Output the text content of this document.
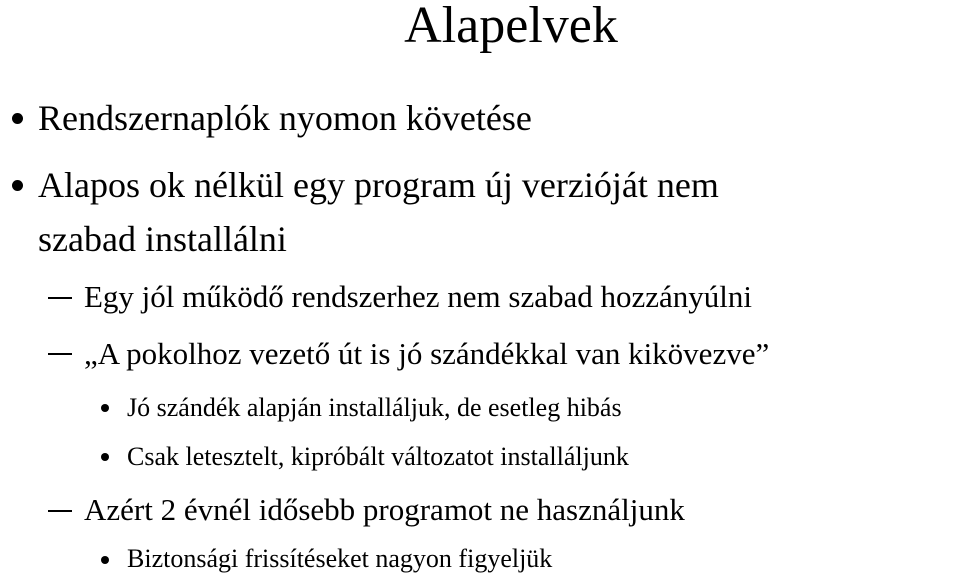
Alapelvek
Rendszernaplók nyomon követése
Alapos ok nélkül egy program új verzióját nem
szabad installálni
Egy jól működő rendszerhez nem szabad hozzányúlni
„A pokolhoz vezető út is jó szándékkal van kikövezve”
Jó szándék alapján installáljuk, de esetleg hibás
Csak letesztelt, kipróbált változatot installáljunk
Azért 2 évnél idősebb programot ne használjunk
Biztonsági frissítéseket nagyon figyeljük
